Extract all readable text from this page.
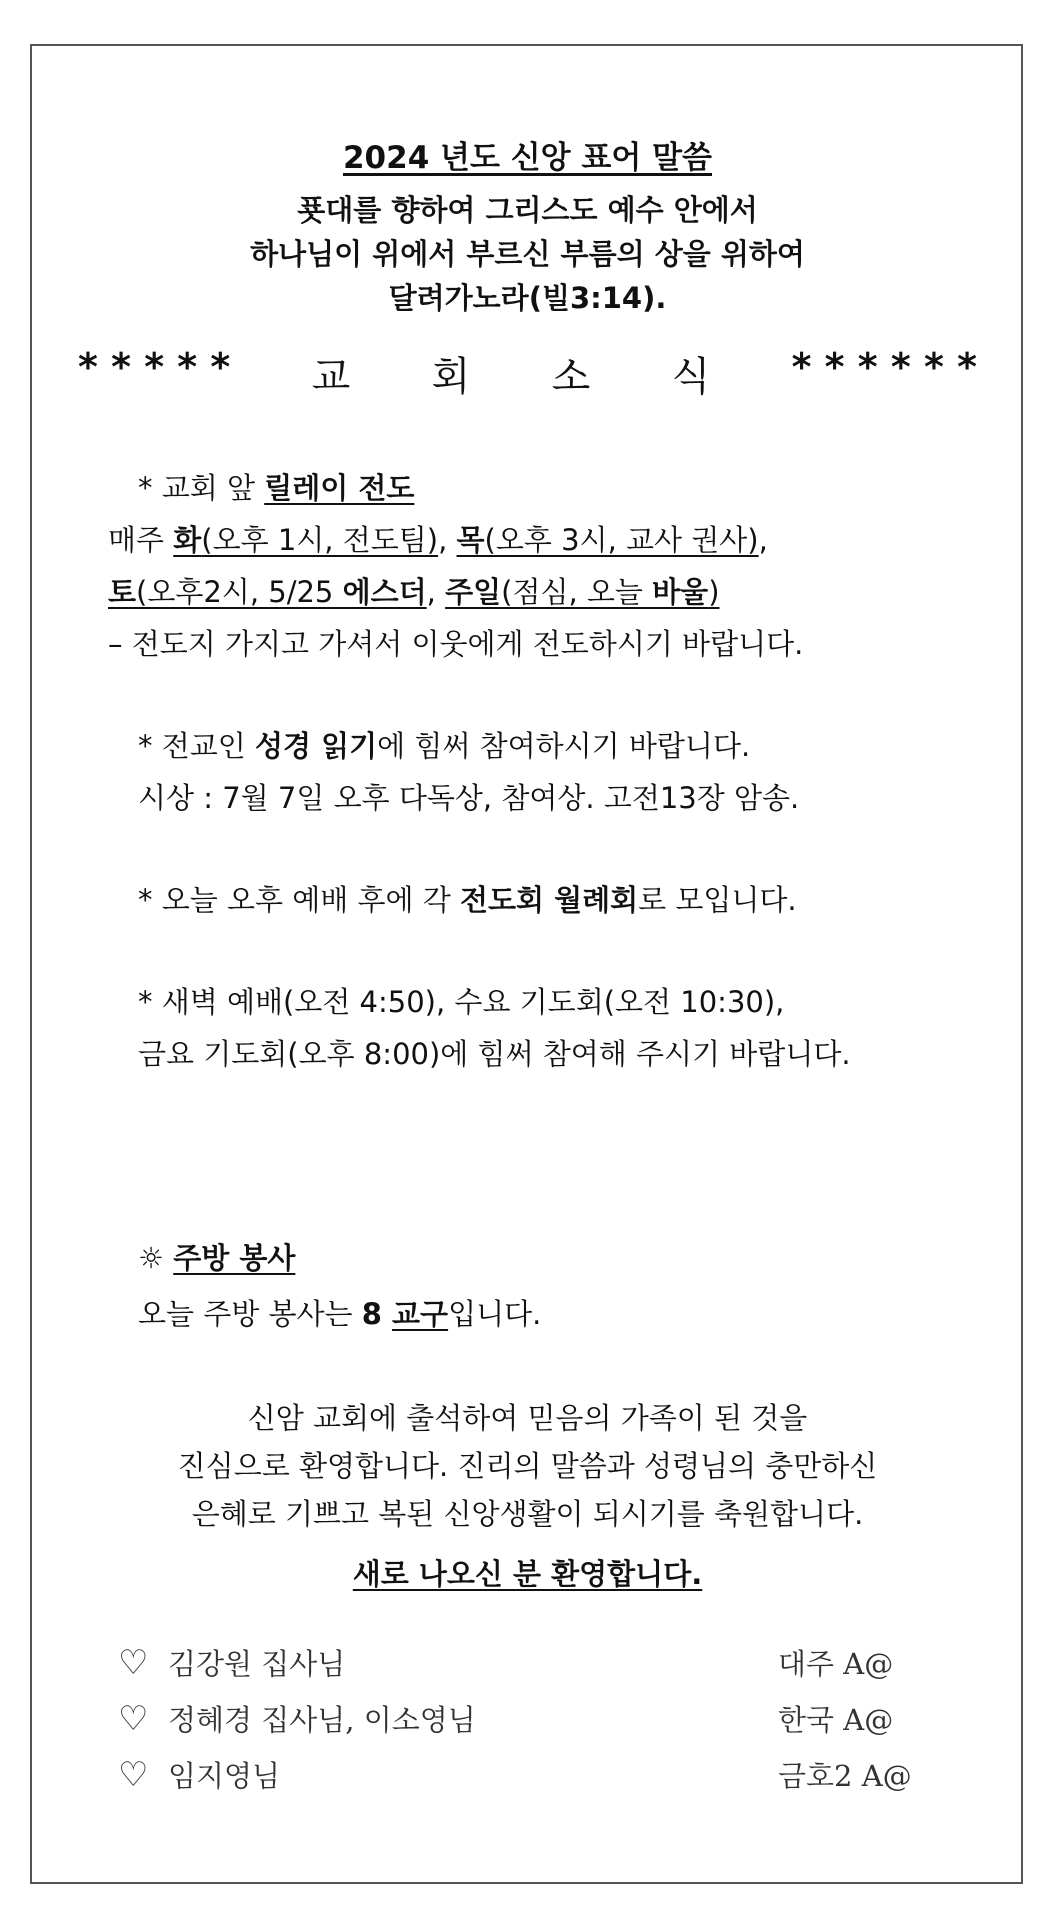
2024 년도 신앙 표어 말씀
푯대를 향하여 그리스도 예수 안에서
하나님이 위에서 부르신 부름의 상을 위하여
달려가노라(빌3:14).
* * * * * 교 회 소 식 * * * * * *
* 교회 앞 릴레이 전도
매주 화(오후 1시, 전도팀), 목(오후 3시, 교사 권사),
토(오후2시, 5/25 에스더, 주일(점심, 오늘 바울)
– 전도지 가지고 가셔서 이웃에게 전도하시기 바랍니다.
* 전교인 성경 읽기에 힘써 참여하시기 바랍니다.
시상 : 7월 7일 오후 다독상, 참여상. 고전13장 암송.
* 오늘 오후 예배 후에 각 전도회 월례회로 모입니다.
* 새벽 예배(오전 4:50), 수요 기도회(오전 10:30),
금요 기도회(오후 8:00)에 힘써 참여해 주시기 바랍니다.
☼ 주방 봉사
오늘 주방 봉사는 8 교구입니다.
신암 교회에 출석하여 믿음의 가족이 된 것을
진심으로 환영합니다. 진리의 말씀과 성령님의 충만하신
은혜로 기쁘고 복된 신앙생활이 되시기를 축원합니다.
새로 나오신 분 환영합니다.
♡ 김강원 집사님	대주 A@
♡ 정혜경 집사님, 이소영님	한국 A@
♡ 임지영님	금호2 A@
